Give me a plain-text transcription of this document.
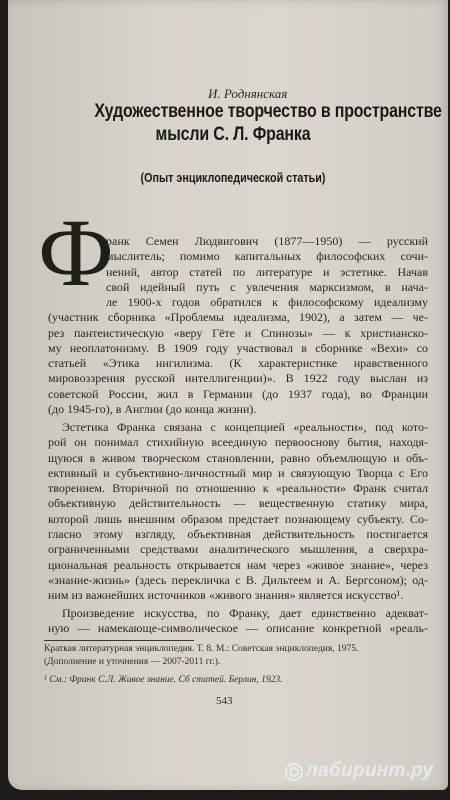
И. Роднянская
Художественное творчество в пространстве
мысли С. Л. Франка
(Опыт энциклопедической статьи)
Ф
ранк Семен Людвигович (1877—1950) — русский
мыслитель; помимо капитальных философских сочи-
нений, автор статей по литературе и эстетике. Начав
свой идейный путь с увлечения марксизмом, в нача-
ле 1900-х годов обратился к философскому идеализму
(участник сборника «Проблемы идеализма, 1902), а затем — че-
рез пантеистическую «веру Гёте и Спинозы» — к христианско-
му неоплатонизму. В 1909 году участвовал в сборнике «Вехи» со
статьей «Этика нигилизма. (К характеристике нравственного
мировоззрения русской интеллигенции)». В 1922 году выслан из
советской России, жил в Германии (до 1937 года), во Франции
(до 1945-го), в Англии (до конца жизни).
Эстетика Франка связана с концепцией «реальности», под кото-
рой он понимал стихийную всеединую первооснову бытия, находя-
щуюся в живом творческом становлении, равно объемлющую и объ-
ективный и субъективно-личностный мир и связующую Творца с Его
творением. Вторичной по отношению к «реальности» Франк считал
объективную действительность — вещественную статику мира,
которой лишь внешним образом предстает познающему субъекту. Со-
гласно этому взгляду, объективная действительность постигается
ограниченными средствами аналитического мышления, а сверхра-
циональная реальность открывается нам через «живое знание», через
«знание-жизнь» (здесь перекличка с В. Дильтеем и А. Бергсоном); од-
ним из важнейших источников «живого знания» является искусство¹.
Произведение искусства, по Франку, дает единственно адекват-
ную — намекающе-символическое — описание конкретной «реаль-
Краткая литературная энциклопедия. Т. 8. М.: Советская энциклопедия, 1975.
(Дополнение и уточнения — 2007-2011 гг.).
¹ См.: Франк С.Л. Живое знание. Сб статей. Берлин, 1923.
543
лабиринт.ру
